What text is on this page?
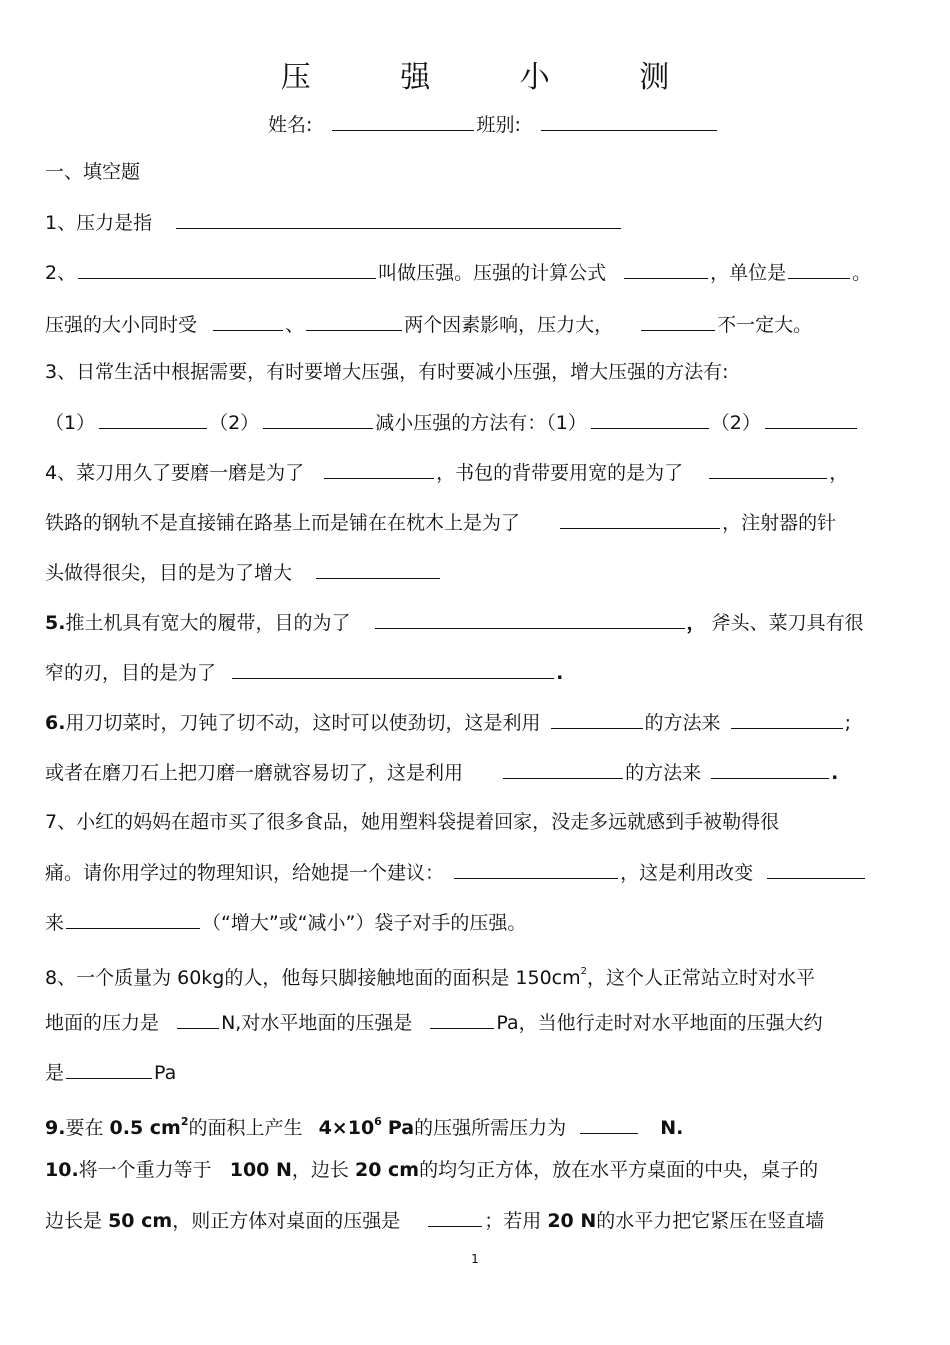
压 强 小 测
姓名:	班别:
一、填空题
1、压力是指
2、	叫做压强。压强的计算公式	，单位是	。
压强的大小同时受	、	两个因素影响，压力大，	不一定大。
3、日常生活中根据需要，有时要增大压强，有时要减小压强，增大压强的方法有:
（1）	（2）	减小压强的方法有：（1）	（2）
4、菜刀用久了要磨一磨是为了	，书包的背带要用宽的是为了	，
铁路的钢轨不是直接铺在路基上而是铺在在枕木上是为了	，注射器的针
头做得很尖，目的是为了增大
5.推土机具有宽大的履带，目的为了	， 斧头、菜刀具有很
窄的刃，目的是为了	.
6.用刀切菜时，刀钝了切不动，这时可以使劲切，这是利用	的方法来	;
或者在磨刀石上把刀磨一磨就容易切了，这是利用	的方法来	.
7、小红的妈妈在超市买了很多食品，她用塑料袋提着回家，没走多远就感到手被勒得很
痛。请你用学过的物理知识，给她提一个建议：	，这是利用改变
来	（“增大”或“减小”）袋子对手的压强。
8、一个质量为 60kg的人，他每只脚接触地面的面积是 $150cm^2$，这个人正常站立时对水平
地面的压力是	N,对水平地面的压强是	Pa，当他行走时对水平地面的压强大约
是	Pa
9.要在 0.5 $cm^2$的面积上产生 $4\times 10^6$ Pa的压强所需压力为	N.
10.将一个重力等于 100 N，边长 20 cm的均匀正方体，放在水平方桌面的中央，桌子的
边长是 50 cm，则正方体对桌面的压强是	；若用 20 N的水平力把它紧压在竖直墙
1
